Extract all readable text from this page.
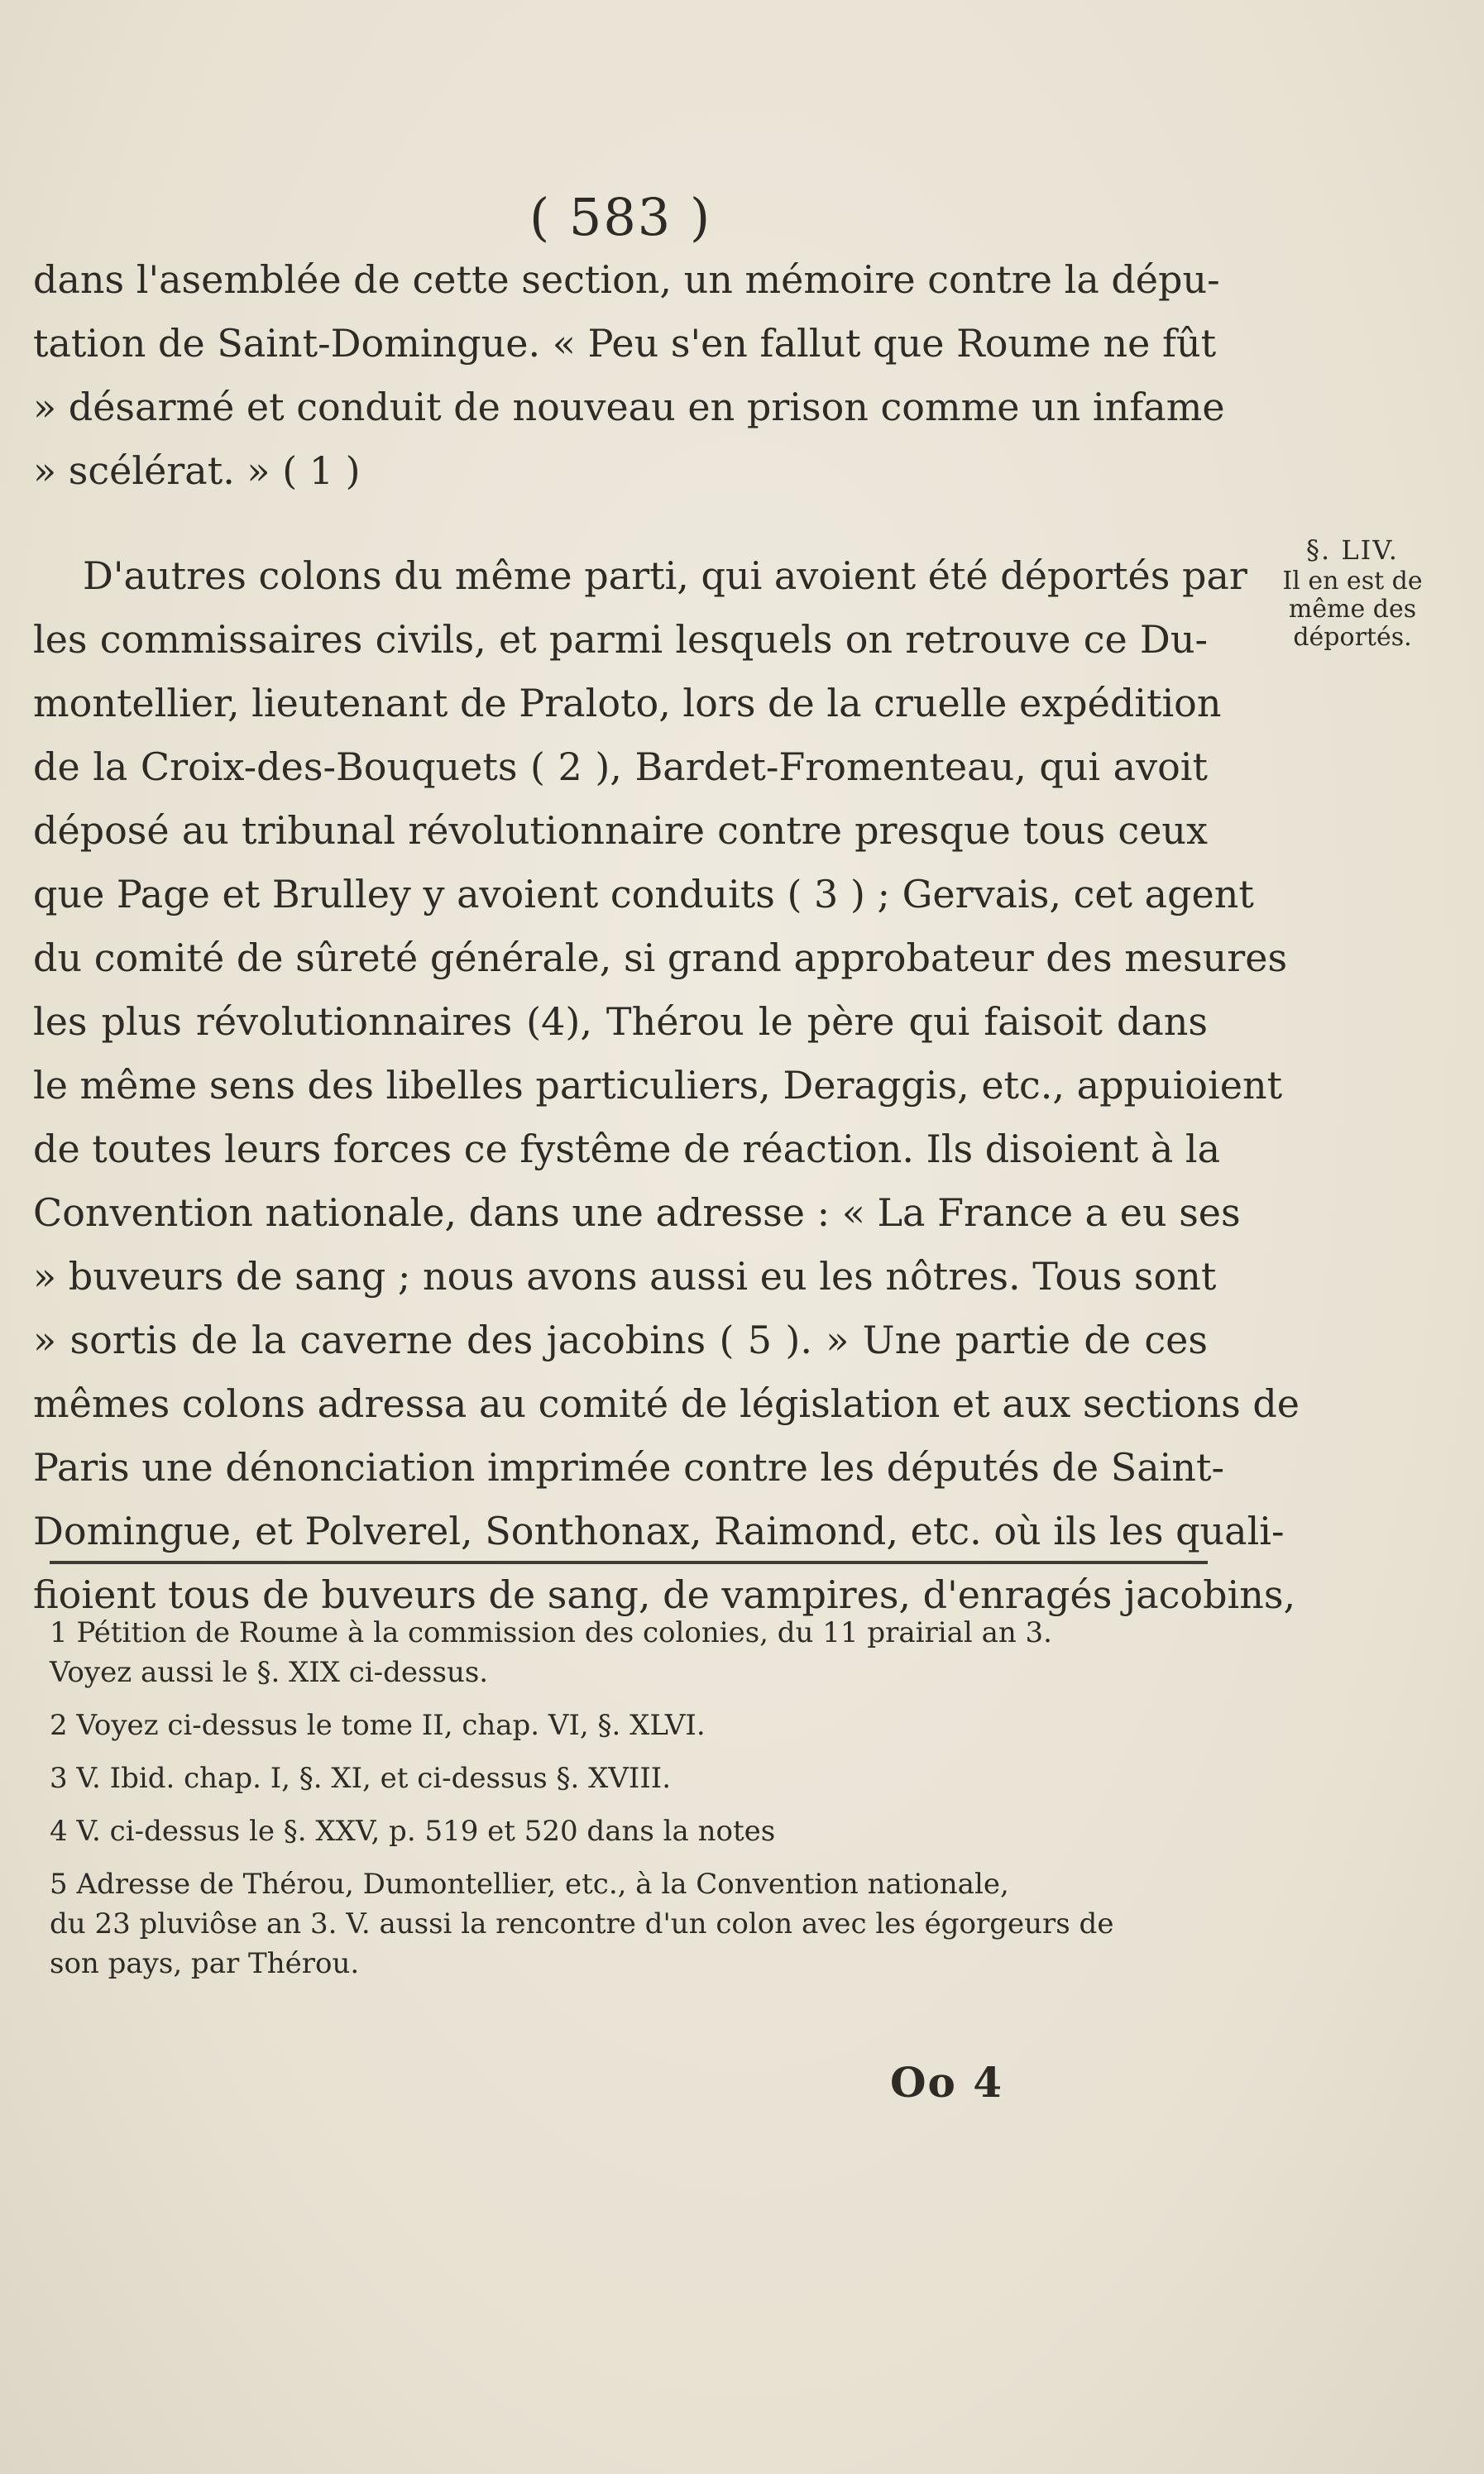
( 583 )
dans l'asemblée de cette section, un mémoire contre la dépu-
tation de Saint-Domingue. « Peu s'en fallut que Roume ne fût
» désarmé et conduit de nouveau en prison comme un infame
» scélérat. » ( 1 )
D'autres colons du même parti, qui avoient été déportés par
les commissaires civils, et parmi lesquels on retrouve ce Du-
montellier, lieutenant de Praloto, lors de la cruelle expédition
de la Croix-des-Bouquets ( 2 ), Bardet-Fromenteau, qui avoit
déposé au tribunal révolutionnaire contre presque tous ceux
que Page et Brulley y avoient conduits ( 3 ) ; Gervais, cet agent
du comité de sûreté générale, si grand approbateur des mesures
les plus révolutionnaires (4), Thérou le père qui faisoit dans
le même sens des libelles particuliers, Deraggis, etc., appuioient
de toutes leurs forces ce fystême de réaction. Ils disoient à la
Convention nationale, dans une adresse : « La France a eu ses
» buveurs de sang ; nous avons aussi eu les nôtres. Tous sont
» sortis de la caverne des jacobins ( 5 ). » Une partie de ces
mêmes colons adressa au comité de législation et aux sections de
Paris une dénonciation imprimée contre les députés de Saint-
Domingue, et Polverel, Sonthonax, Raimond, etc. où ils les quali-
fioient tous de buveurs de sang, de vampires, d'enragés jacobins,
§. LIV.
Il en est de
même des
déportés.
1 Pétition de Roume à la commission des colonies, du 11 prairial an 3.
Voyez aussi le §. XIX ci-dessus.
2 Voyez ci-dessus le tome II, chap. VI, §. XLVI.
3 V. Ibid. chap. I, §. XI, et ci-dessus §. XVIII.
4 V. ci-dessus le §. XXV, p. 519 et 520 dans la notes
5 Adresse de Thérou, Dumontellier, etc., à la Convention nationale,
du 23 pluviôse an 3. V. aussi la rencontre d'un colon avec les égorgeurs de
son pays, par Thérou.
Oo 4
